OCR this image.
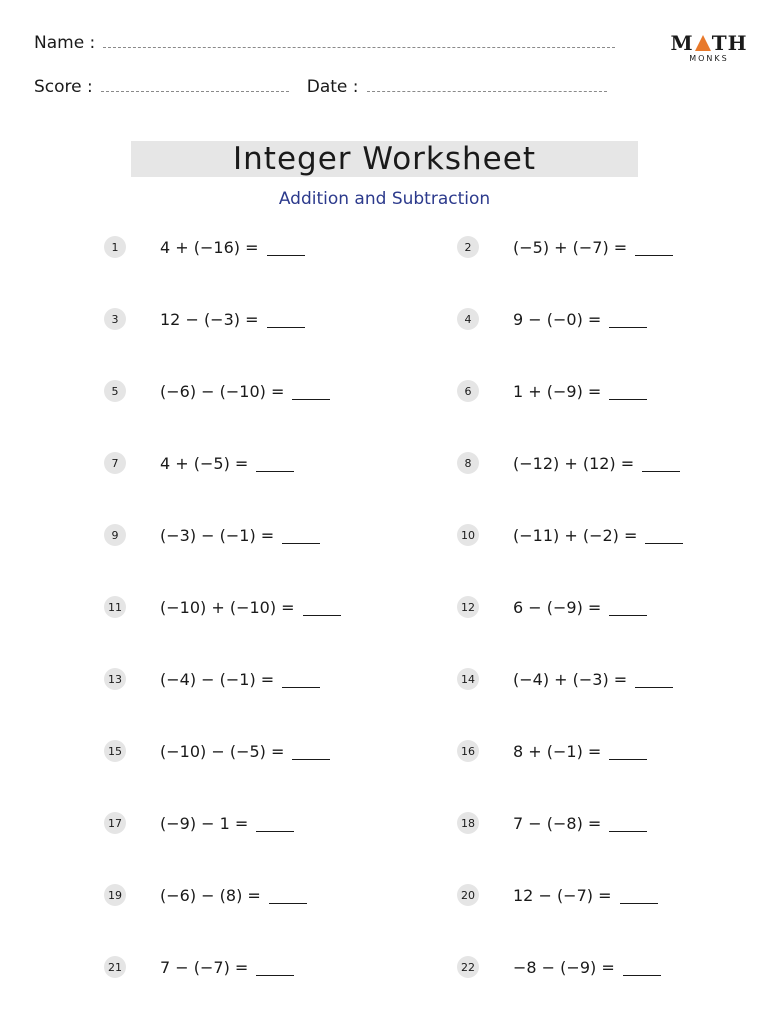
Name :
Score :	Date :
M TH
MONKS
Integer Worksheet
Addition and Subtraction
1	4 + (−16) =	2	(−5) + (−7) =
3	12 − (−3) =	4	9 − (−0) =
5	(−6) − (−10) =	6	1 + (−9) =
7	4 + (−5) =	8	(−12) + (12) =
9	(−3) − (−1) =	10 (−11) + (−2) =
11 (−10) + (−10) =	12 6 − (−9) =
13 (−4) − (−1) =	14 (−4) + (−3) =
15 (−10) − (−5) =	16 8 + (−1) =
17 (−9) − 1 =	18 7 − (−8) =
19 (−6) − (8) =	20 12 − (−7) =
21 7 − (−7) =	22 −8 − (−9) =
